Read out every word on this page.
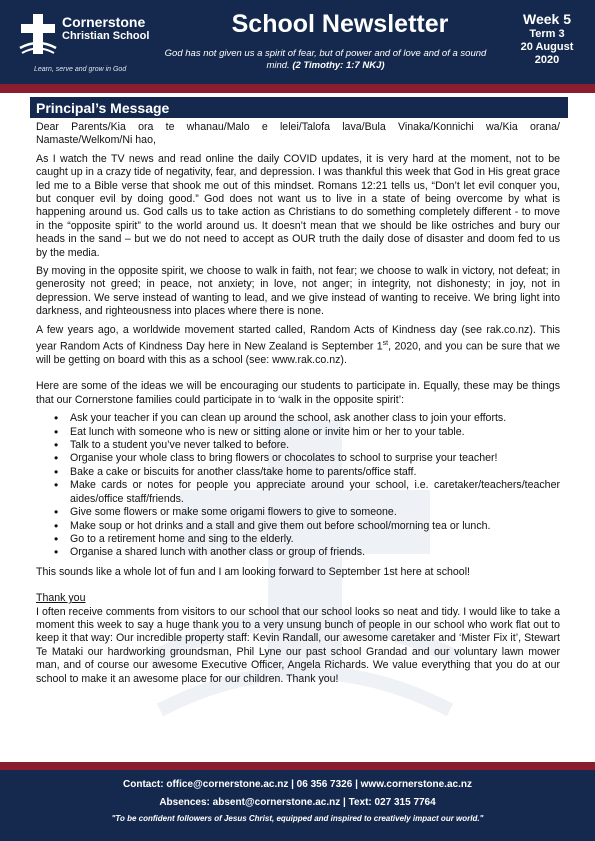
Cornerstone
Christian School
Learn, serve and grow in God
School Newsletter
God has not given us a spirit of fear, but of power and of love and of a sound mind. (2 Timothy: 1:7 NKJ)
Week 5
Term 3
20 August
2020
Principal’s Message

Dear Parents/Kia ora te whanau/Malo e lelei/Talofa lava/Bula Vinaka/Konnichi wa/Kia orana/ Namaste/Welkom/Ni hao,

As I watch the TV news and read online the daily COVID updates, it is very hard at the moment, not to be caught up in a crazy tide of negativity, fear, and depression. I was thankful this week that God in His great grace led me to a Bible verse that shook me out of this mindset. Romans 12:21 tells us, “Don’t let evil conquer you, but conquer evil by doing good.” God does not want us to live in a state of being overcome by what is happening around us. God calls us to take action as Christians to do something completely different - to move in the “opposite spirit” to the world around us. It doesn’t mean that we should be like ostriches and bury our heads in the sand – but we do not need to accept as OUR truth the daily dose of disaster and doom fed to us by the media.

By moving in the opposite spirit, we choose to walk in faith, not fear; we choose to walk in victory, not defeat; in generosity not greed; in peace, not anxiety; in love, not anger; in integrity, not dishonesty; in joy, not in depression. We serve instead of wanting to lead, and we give instead of wanting to receive. We bring light into darkness, and righteousness into places where there is none.

A few years ago, a worldwide movement started called, Random Acts of Kindness day (see rak.co.nz). This year Random Acts of Kindness Day here in New Zealand is September 1st, 2020, and you can be sure that we will be getting on board with this as a school (see: www.rak.co.nz).

Here are some of the ideas we will be encouraging our students to participate in. Equally, these may be things that our Cornerstone families could participate in to ‘walk in the opposite spirit’:

• Ask your teacher if you can clean up around the school, ask another class to join your efforts.
• Eat lunch with someone who is new or sitting alone or invite him or her to your table.
• Talk to a student you’ve never talked to before.
• Organise your whole class to bring flowers or chocolates to school to surprise your teacher!
• Bake a cake or biscuits for another class/take home to parents/office staff.
• Make cards or notes for people you appreciate around your school, i.e. caretaker/teachers/teacher aides/office staff/friends.
• Give some flowers or make some origami flowers to give to someone.
• Make soup or hot drinks and a stall and give them out before school/morning tea or lunch.
• Go to a retirement home and sing to the elderly.
• Organise a shared lunch with another class or group of friends.

This sounds like a whole lot of fun and I am looking forward to September 1st here at school!

Thank you

I often receive comments from visitors to our school that our school looks so neat and tidy. I would like to take a moment this week to say a huge thank you to a very unsung bunch of people in our school who work flat out to keep it that way: Our incredible property staff: Kevin Randall, our awesome caretaker and ‘Mister Fix it’, Stewart Te Mataki our hardworking groundsman, Phil Lyne our past school Grandad and our voluntary lawn mower man, and of course our awesome Executive Officer, Angela Richards. We value everything that you do at our school to make it an awesome place for our children. Thank you!

Contact: office@cornerstone.ac.nz | 06 356 7326 | www.cornerstone.ac.nz
Absences: absent@cornerstone.ac.nz | Text: 027 315 7764
"To be confident followers of Jesus Christ, equipped and inspired to creatively impact our world."
